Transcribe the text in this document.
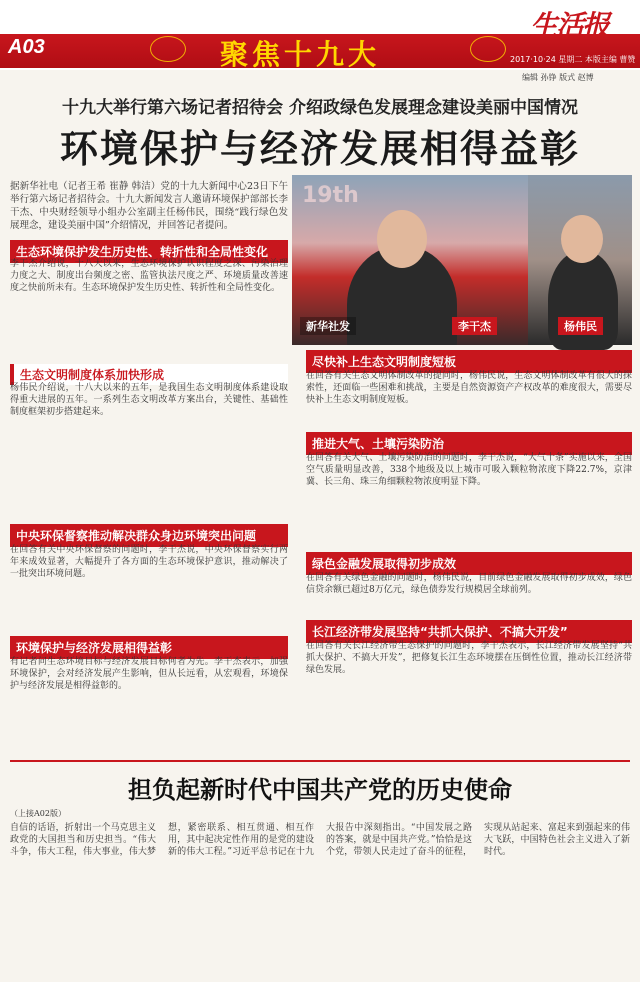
A03	聚焦十九大
生活报
2017·10·24 星期二 本版主编 曹赞
编辑 孙铮 版式 赵博
十九大举行第六场记者招待会 介绍政绿色发展理念建设美丽中国情况
环境保护与经济发展相得益彰
据新华社电（记者王希 崔静 韩洁）党的十九大新闻中心23日下午举行第六场记者招待会。十九大新闻发言人邀请环境保护部部长李干杰、中央财经领导小组办公室副主任杨伟民，围绕“践行绿色发展理念，建设美丽中国”介绍情况，并回答记者提问。
19th
新华社发	李干杰	杨伟民
生态环境保护发生历史性、转折性和全局性变化
李干杰介绍说，十八大以来，生态环境保护认识程度之深、污染治理力度之大、制度出台频度之密、监管执法尺度之严、环境质量改善速度之快前所未有。生态环境保护发生历史性、转折性和全局性变化。
生态文明制度体系加快形成
杨伟民介绍说，十八大以来的五年，是我国生态文明制度体系建设取得重大进展的五年。一系列生态文明改革方案出台，关键性、基础性制度框架初步搭建起来。
中央环保督察推动解决群众身边环境突出问题
在回答有关中央环保督察的问题时，李干杰说，中央环保督察实行两年来成效显著，大幅提升了各方面的生态环境保护意识，推动解决了一批突出环境问题。
环境保护与经济发展相得益彰
有记者问生态环境目标与经济发展目标何者为先。李干杰表示，加强环境保护，会对经济发展产生影响，但从长远看，从宏观看，环境保护与经济发展是相得益彰的。
尽快补上生态文明制度短板
在回答有关生态文明体制改革的提问时，杨伟民说，生态文明体制改革有很大的探索性，还面临一些困难和挑战，主要是自然资源资产产权改革的难度很大，需要尽快补上生态文明制度短板。
推进大气、土壤污染防治
在回答有关大气、土壤污染防治的问题时，李干杰说，“大气十条”实施以来，全国空气质量明显改善，338个地级及以上城市可吸入颗粒物浓度下降22.7%，京津冀、长三角、珠三角细颗粒物浓度明显下降。
绿色金融发展取得初步成效
在回答有关绿色金融的问题时，杨伟民说，目前绿色金融发展取得初步成效，绿色信贷余额已超过8万亿元，绿色债券发行规模居全球前列。
长江经济带发展坚持“共抓大保护、不搞大开发”
在回答有关长江经济带生态保护的问题时，李干杰表示，长江经济带发展坚持“共抓大保护、不搞大开发”，把修复长江生态环境摆在压倒性位置，推动长江经济带绿色发展。
担负起新时代中国共产党的历史使命
（上接A02版）
自信的话语，折射出一个马克思主义政党的大国担当和历史担当。“伟大斗争，伟大工程，伟大事业，伟大梦想，紧密联系、相互贯通、相互作用，其中起决定性作用的是党的建设新的伟大工程。”习近平总书记在十九大报告中深刻指出。“中国发展之路的答案，就是中国共产党。”恰恰是这个党，带领人民走过了奋斗的征程，实现从站起来、富起来到强起来的伟大飞跃，中国特色社会主义进入了新时代。
